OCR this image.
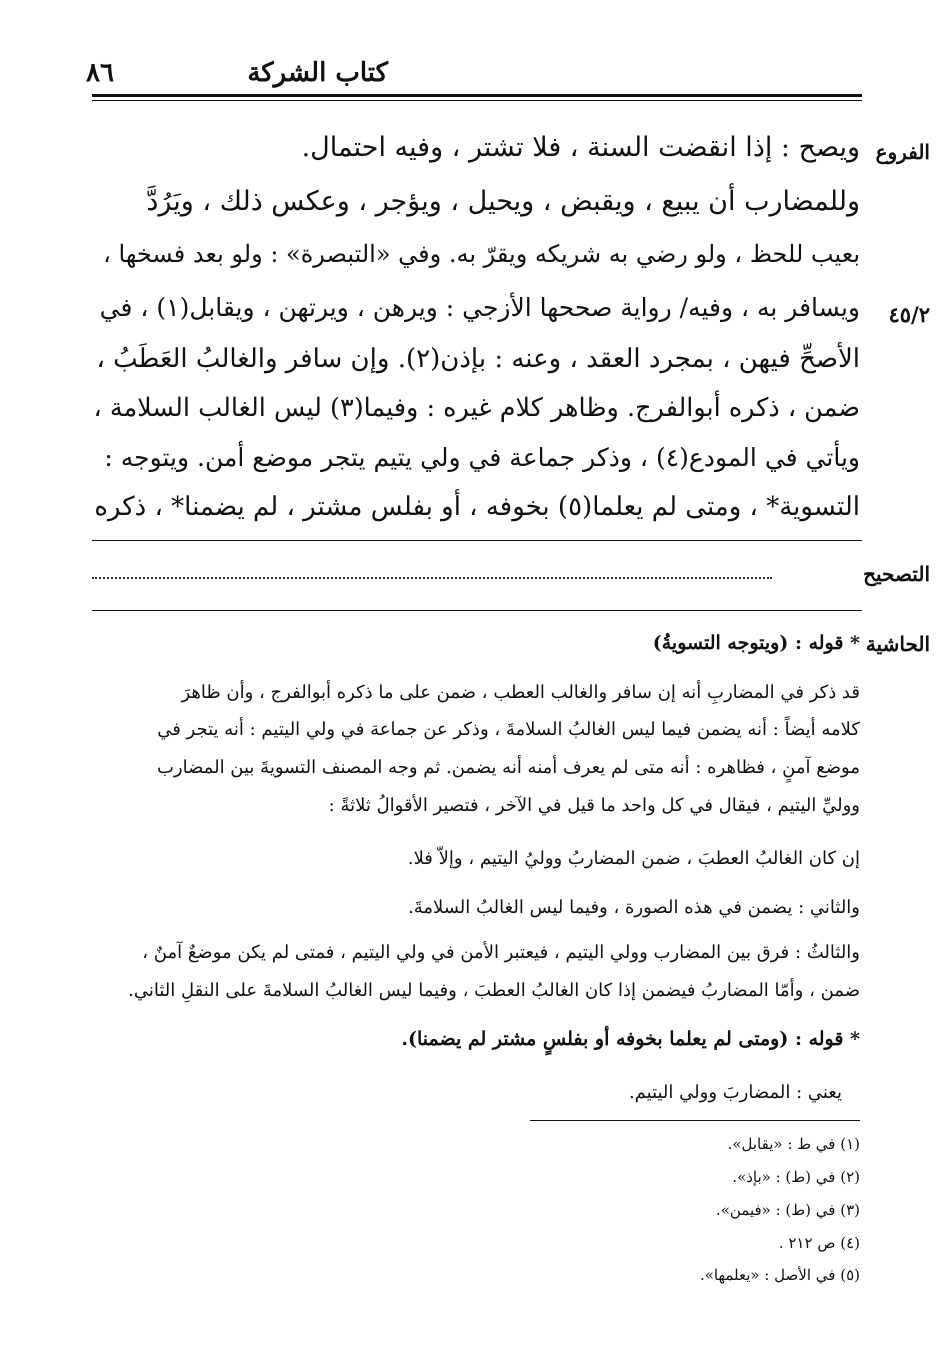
كتاب الشركة
٨٦
الفروع
٤٥/٢
التصحيح
الحاشية
ويصح : إذا انقضت السنة ، فلا تشتر ، وفيه احتمال.
وللمضارب أن يبيع ، ويقبض ، ويحيل ، ويؤجر ، وعكس ذلك ، ويَرُدَّ
بعيب للحظ ، ولو رضي به شريكه ويقرّ به. وفي «التبصرة» : ولو بعد فسخها ،
ويسافر به ، وفيه/ رواية صححها الأزجي : ويرهن ، ويرتهن ، ويقابل(١) ، في
الأصحِّ فيهن ، بمجرد العقد ، وعنه : بإذن(٢). وإن سافر والغالبُ العَطَبُ ،
ضمن ، ذكره أبوالفرج. وظاهر كلام غيره : وفيما(٣) ليس الغالب السلامة ،
ويأتي في المودع(٤) ، وذكر جماعة في ولي يتيم يتجر موضع أمن. ويتوجه :
التسوية* ، ومتى لم يعلما(٥) بخوفه ، أو بفلس مشتر ، لم يضمنا* ، ذكره
* قوله : (ويتوجه التسويةُ)
قد ذكر في المضاربِ أنه إن سافر والغالب العطب ، ضمن على ما ذكره أبوالفرج ، وأن ظاهرَ
كلامه أيضاً : أنه يضمن فيما ليس الغالبُ السلامةَ ، وذكر عن جماعة في ولي اليتيم : أنه يتجر في
موضع آمنٍ ، فظاهره : أنه متى لم يعرف أمنه أنه يضمن. ثم وجه المصنف التسويةَ بين المضارب
ووليِّ اليتيم ، فيقال في كل واحد ما قيل في الآخر ، فتصير الأقوالُ ثلاثةً :
إن كان الغالبُ العطبَ ، ضمن المضاربُ ووليُ اليتيم ، وإلاّ فلا.
والثاني : يضمن في هذه الصورة ، وفيما ليس الغالبُ السلامةَ.
والثالثُ : فرق بين المضارب وولي اليتيم ، فيعتبر الأمن في ولي اليتيم ، فمتى لم يكن موضعٌ آمنٌ ،
ضمن ، وأمّا المضاربُ فيضمن إذا كان الغالبُ العطبَ ، وفيما ليس الغالبُ السلامةَ على النقلِ الثاني.
* قوله : (ومتى لم يعلما بخوفه أو بفلسٍ مشتر لم يضمنا).
يعني : المضاربَ وولي اليتيم.
(١) في ط : «يقابل».
(٢) في (ط) : «بإذ».
(٣) في (ط) : «فيمن».
(٤) ص ٢١٢ .
(٥) في الأصل : «يعلمها».
